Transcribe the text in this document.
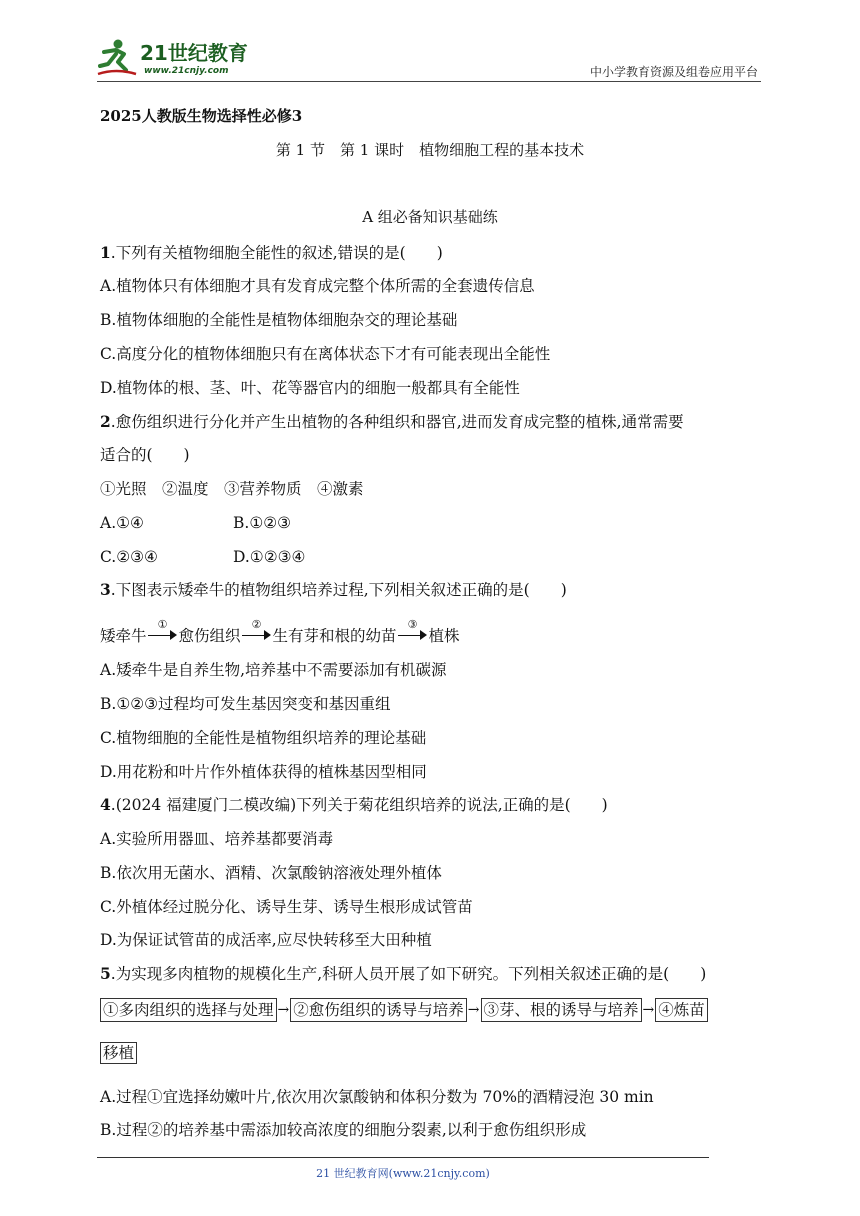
21世纪教育
www.21cnjy.com	中小学教育资源及组卷应用平台
2025人教版生物选择性必修3
第 1 节　第 1 课时　植物细胞工程的基本技术
A 组必备知识基础练
1.下列有关植物细胞全能性的叙述,错误的是(　　)
A.植物体只有体细胞才具有发育成完整个体所需的全套遗传信息
B.植物体细胞的全能性是植物体细胞杂交的理论基础
C.高度分化的植物体细胞只有在离体状态下才有可能表现出全能性
D.植物体的根、茎、叶、花等器官内的细胞一般都具有全能性
2.愈伤组织进行分化并产生出植物的各种组织和器官,进而发育成完整的植株,通常需要
适合的(　　)
①光照　②温度　③营养物质　④激素
A.①④	B.①②③
C.②③④	D.①②③④
3.下图表示矮牵牛的植物组织培养过程,下列相关叙述正确的是(　　)
矮牵牛
①
愈伤组织
②
生有芽和根的幼苗
③
植株
A.矮牵牛是自养生物,培养基中不需要添加有机碳源
B.①②③过程均可发生基因突变和基因重组
C.植物细胞的全能性是植物组织培养的理论基础
D.用花粉和叶片作外植体获得的植株基因型相同
4.(2024 福建厦门二模改编)下列关于菊花组织培养的说法,正确的是(　　)
A.实验所用器皿、培养基都要消毒
B.依次用无菌水、酒精、次氯酸钠溶液处理外植体
C.外植体经过脱分化、诱导生芽、诱导生根形成试管苗
D.为保证试管苗的成活率,应尽快转移至大田种植
5.为实现多肉植物的规模化生产,科研人员开展了如下研究。下列相关叙述正确的是(　　)
①多肉组织的选择与处理 → ②愈伤组织的诱导与培养 → ③芽、根的诱导与培养 → ④炼苗
移植
A.过程①宜选择幼嫩叶片,依次用次氯酸钠和体积分数为 70%的酒精浸泡 30 min
B.过程②的培养基中需添加较高浓度的细胞分裂素,以利于愈伤组织形成
21 世纪教育网(www.21cnjy.com)
